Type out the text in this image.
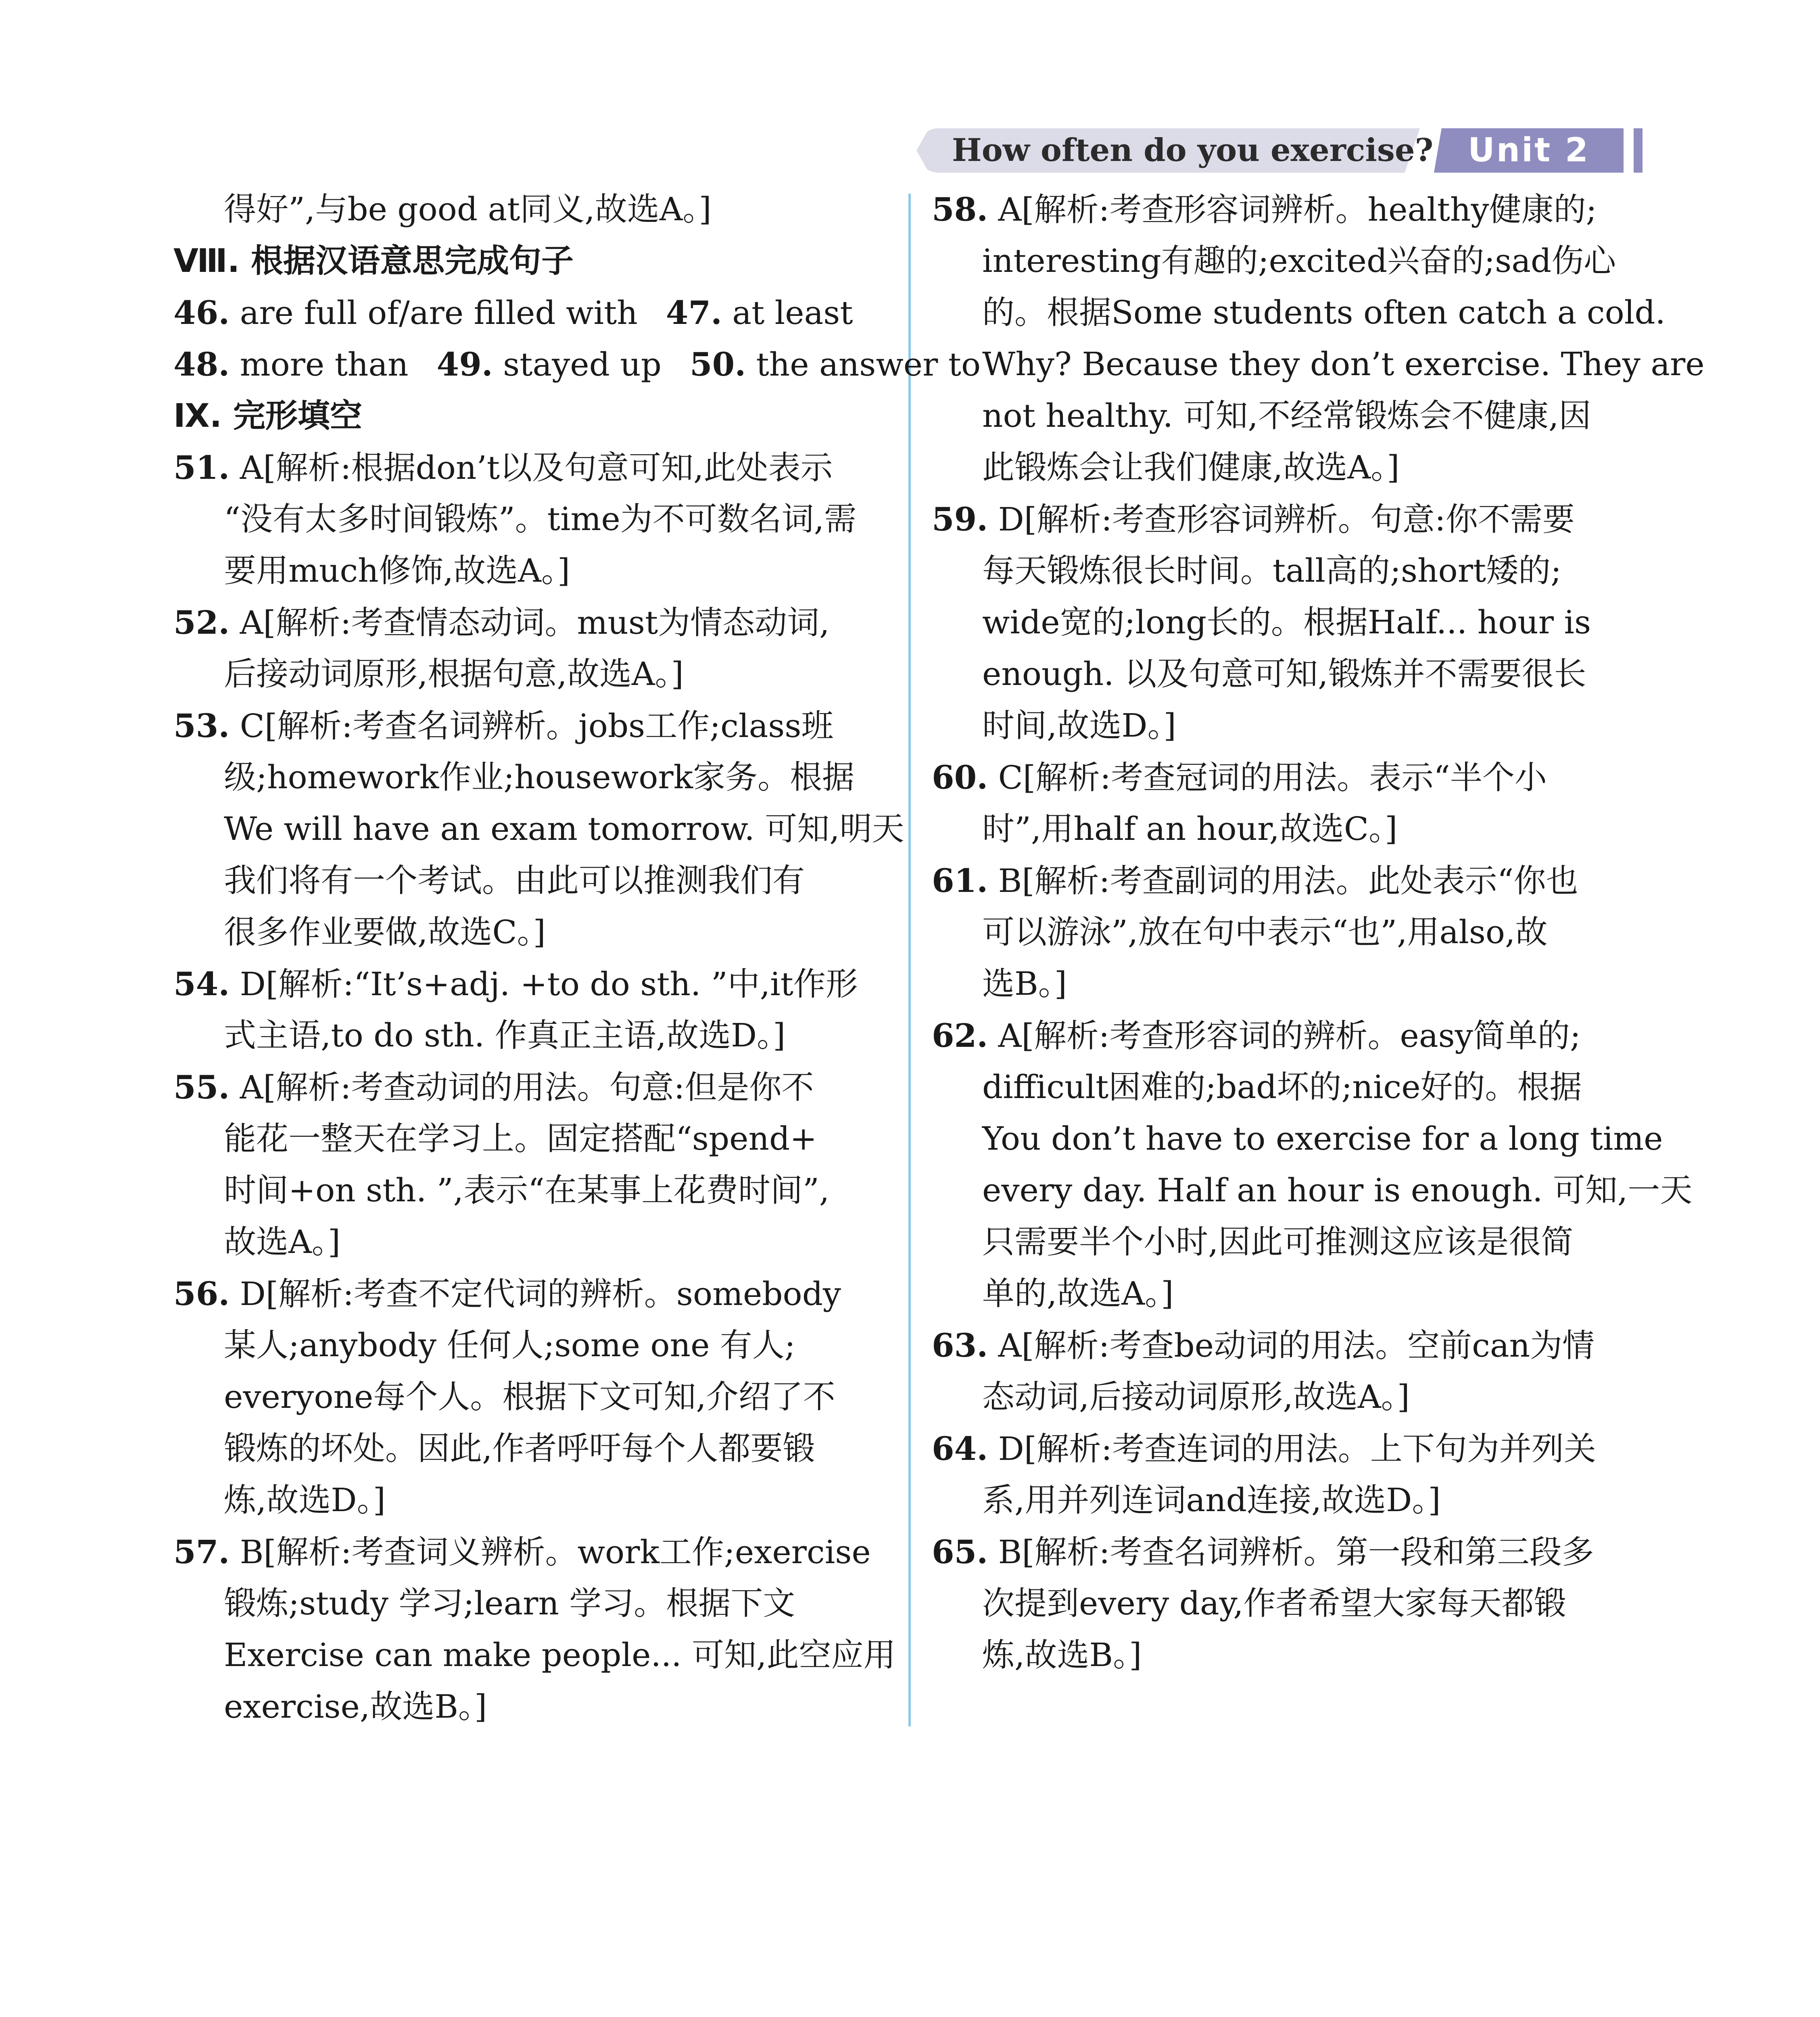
How often do you exercise?	Unit 2
得好”,与be good at同义,故选A。]
Ⅷ. 根据汉语意思完成句子
46. are full of/are filled with 47. at least
48. more than 49. stayed up 50. the answer to
Ⅸ. 完形填空
51. A[解析:根据don’t以及句意可知,此处表示
“没有太多时间锻炼”。time为不可数名词,需
要用much修饰,故选A。]
52. A[解析:考查情态动词。must为情态动词,
后接动词原形,根据句意,故选A。]
53. C[解析:考查名词辨析。jobs工作;class班
级;homework作业;housework家务。根据
We will have an exam tomorrow. 可知,明天
我们将有一个考试。由此可以推测我们有
很多作业要做,故选C。]
54. D[解析:“It’s+adj. +to do sth. ”中,it作形
式主语,to do sth. 作真正主语,故选D。]
55. A[解析:考查动词的用法。句意:但是你不
能花一整天在学习上。固定搭配“spend+
时间+on sth. ”,表示“在某事上花费时间”,
故选A。]
56. D[解析:考查不定代词的辨析。somebody
某人;anybody 任何人;some one 有人;
everyone每个人。根据下文可知,介绍了不
锻炼的坏处。因此,作者呼吁每个人都要锻
炼,故选D。]
57. B[解析:考查词义辨析。work工作;exercise
锻炼;study 学习;learn 学习。根据下文
Exercise can make people... 可知,此空应用
exercise,故选B。]
58. A[解析:考查形容词辨析。healthy健康的;
interesting有趣的;excited兴奋的;sad伤心
的。根据Some students often catch a cold.
Why? Because they don’t exercise. They are
not healthy. 可知,不经常锻炼会不健康,因
此锻炼会让我们健康,故选A。]
59. D[解析:考查形容词辨析。句意:你不需要
每天锻炼很长时间。tall高的;short矮的;
wide宽的;long长的。根据Half... hour is
enough. 以及句意可知,锻炼并不需要很长
时间,故选D。]
60. C[解析:考查冠词的用法。表示“半个小
时”,用half an hour,故选C。]
61. B[解析:考查副词的用法。此处表示“你也
可以游泳”,放在句中表示“也”,用also,故
选B。]
62. A[解析:考查形容词的辨析。easy简单的;
difficult困难的;bad坏的;nice好的。根据
You don’t have to exercise for a long time
every day. Half an hour is enough. 可知,一天
只需要半个小时,因此可推测这应该是很简
单的,故选A。]
63. A[解析:考查be动词的用法。空前can为情
态动词,后接动词原形,故选A。]
64. D[解析:考查连词的用法。上下句为并列关
系,用并列连词and连接,故选D。]
65. B[解析:考查名词辨析。第一段和第三段多
次提到every day,作者希望大家每天都锻
炼,故选B。]
